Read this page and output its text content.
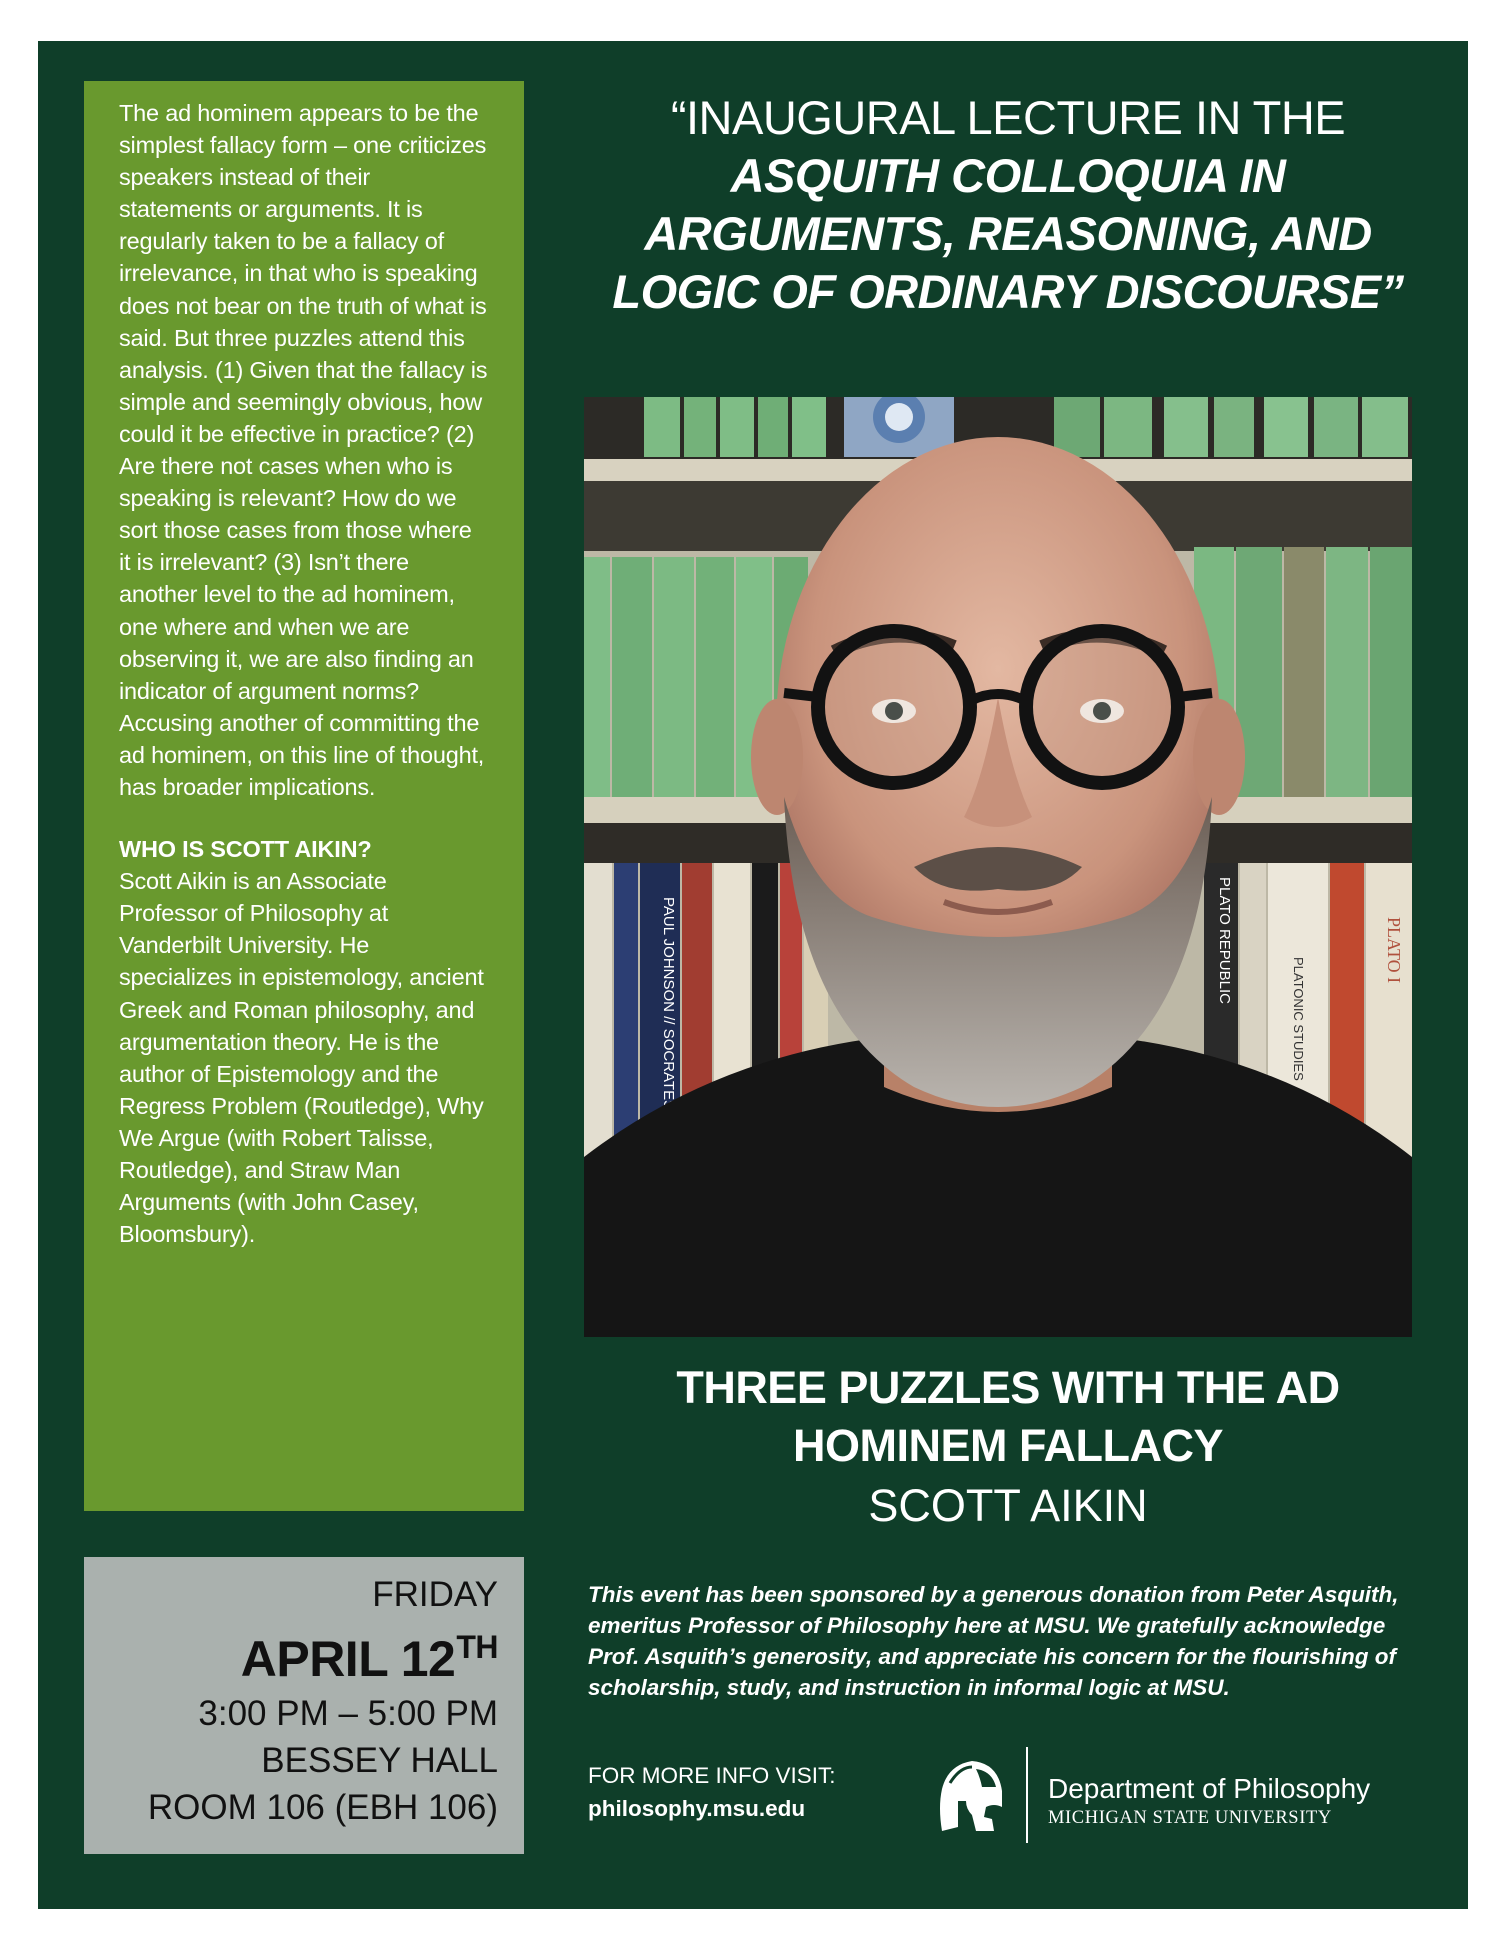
The ad hominem appears to be the simplest fallacy form – one criticizes speakers instead of their statements or arguments. It is regularly taken to be a fallacy of irrelevance, in that who is speaking does not bear on the truth of what is said. But three puzzles attend this analysis. (1) Given that the fallacy is simple and seemingly obvious, how could it be effective in practice? (2) Are there not cases when who is speaking is relevant? How do we sort those cases from those where it is irrelevant? (3) Isn’t there another level to the ad hominem, one where and when we are observing it, we are also finding an indicator of argument norms? Accusing another of committing the ad hominem, on this line of thought, has broader implications.

WHO IS SCOTT AIKIN?

Scott Aikin is an Associate Professor of Philosophy at Vanderbilt University. He specializes in epistemology, ancient Greek and Roman philosophy, and argumentation theory. He is the author of Epistemology and the Regress Problem (Routledge), Why We Argue (with Robert Talisse, Routledge), and Straw Man Arguments (with John Casey, Bloomsbury).

FRIDAY
APRIL 12TH
3:00 PM – 5:00 PM
BESSEY HALL
ROOM 106 (EBH 106)
“INAUGURAL LECTURE IN THE
ASQUITH COLLOQUIA IN ARGUMENTS, REASONING, AND LOGIC OF ORDINARY DISCOURSE”
PAUL JOHNSON // SOCRATES	PLATO REPUBLIC
PLATONIC STUDIES
PLATO I
THREE PUZZLES WITH THE AD HOMINEM FALLACY
SCOTT AIKIN
This event has been sponsored by a generous donation from Peter Asquith, emeritus Professor of Philosophy here at MSU. We gratefully acknowledge Prof. Asquith’s generosity, and appreciate his concern for the flourishing of scholarship, study, and instruction in informal logic at MSU.
FOR MORE INFO VISIT:
philosophy.msu.edu
Department of Philosophy
MICHIGAN STATE UNIVERSITY
